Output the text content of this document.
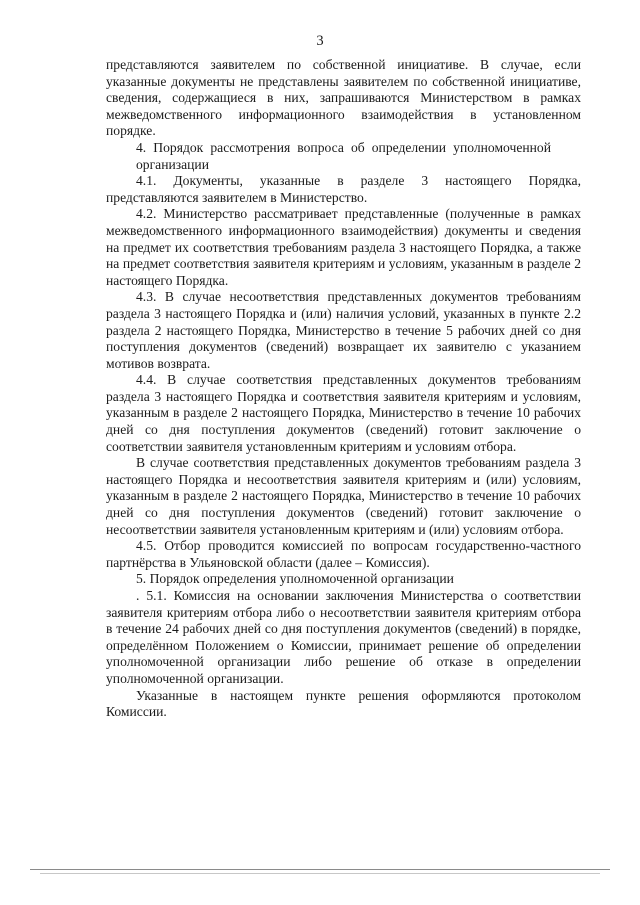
3

представляются заявителем по собственной инициативе. В случае, если указанные документы не представлены заявителем по собственной инициативе, сведения, содержащиеся в них, запрашиваются Министерством в рамках межведомственного информационного взаимодействия в установленном порядке.

4. Порядок рассмотрения вопроса об определении уполномоченной организации

4.1. Документы, указанные в разделе 3 настоящего Порядка, представляются заявителем в Министерство.

4.2. Министерство рассматривает представленные (полученные в рамках межведомственного информационного взаимодействия) документы и сведения на предмет их соответствия требованиям раздела 3 настоящего Порядка, а также на предмет соответствия заявителя критериям и условиям, указанным в разделе 2 настоящего Порядка.

4.3. В случае несоответствия представленных документов требованиям раздела 3 настоящего Порядка и (или) наличия условий, указанных в пункте 2.2 раздела 2 настоящего Порядка, Министерство в течение 5 рабочих дней со дня поступления документов (сведений) возвращает их заявителю с указанием мотивов возврата.

4.4. В случае соответствия представленных документов требованиям раздела 3 настоящего Порядка и соответствия заявителя критериям и условиям, указанным в разделе 2 настоящего Порядка, Министерство в течение 10 рабочих дней со дня поступления документов (сведений) готовит заключение о соответствии заявителя установленным критериям и условиям отбора.

В случае соответствия представленных документов требованиям раздела 3 настоящего Порядка и несоответствия заявителя критериям и (или) условиям, указанным в разделе 2 настоящего Порядка, Министерство в течение 10 рабочих дней со дня поступления документов (сведений) готовит заключение о несоответствии заявителя установленным критериям и (или) условиям отбора.

4.5. Отбор проводится комиссией по вопросам государственно-частного партнёрства в Ульяновской области (далее – Комиссия).

5. Порядок определения уполномоченной организации

. 5.1. Комиссия на основании заключения Министерства о соответствии заявителя критериям отбора либо о несоответствии заявителя критериям отбора в течение 24 рабочих дней со дня поступления документов (сведений) в порядке, определённом Положением о Комиссии, принимает решение об определении уполномоченной организации либо решение об отказе в определении уполномоченной организации.

Указанные в настоящем пункте решения оформляются протоколом Комиссии.
